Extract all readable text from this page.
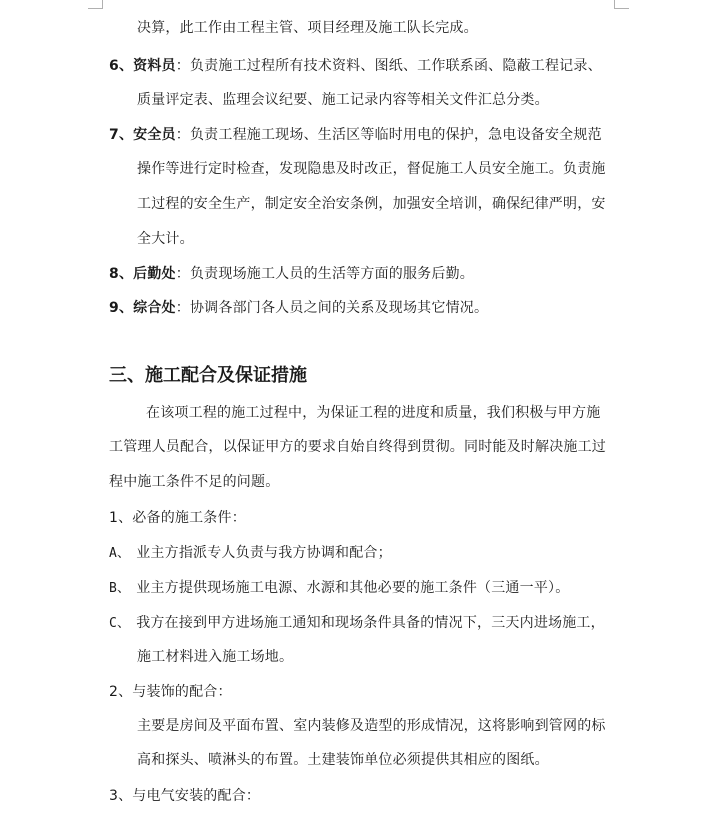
决算，此工作由工程主管、项目经理及施工队长完成。
6、资料员：负责施工过程所有技术资料、图纸、工作联系函、隐蔽工程记录、
质量评定表、监理会议纪要、施工记录内容等相关文件汇总分类。
7、安全员：负责工程施工现场、生活区等临时用电的保护，急电设备安全规范
操作等进行定时检查，发现隐患及时改正，督促施工人员安全施工。负责施
工过程的安全生产，制定安全治安条例，加强安全培训，确保纪律严明，安
全大计。
8、后勤处：负责现场施工人员的生活等方面的服务后勤。
9、综合处：协调各部门各人员之间的关系及现场其它情况。
三、施工配合及保证措施
在该项工程的施工过程中，为保证工程的进度和质量，我们积极与甲方施
工管理人员配合，以保证甲方的要求自始自终得到贯彻。同时能及时解决施工过
程中施工条件不足的问题。
1、必备的施工条件：
A、 业主方指派专人负责与我方协调和配合；
B、 业主方提供现场施工电源、水源和其他必要的施工条件（三通一平）。
C、 我方在接到甲方进场施工通知和现场条件具备的情况下，三天内进场施工，
施工材料进入施工场地。
2、与装饰的配合：
主要是房间及平面布置、室内装修及造型的形成情况，这将影响到管网的标
高和探头、喷淋头的布置。土建装饰单位必须提供其相应的图纸。
3、与电气安装的配合：
